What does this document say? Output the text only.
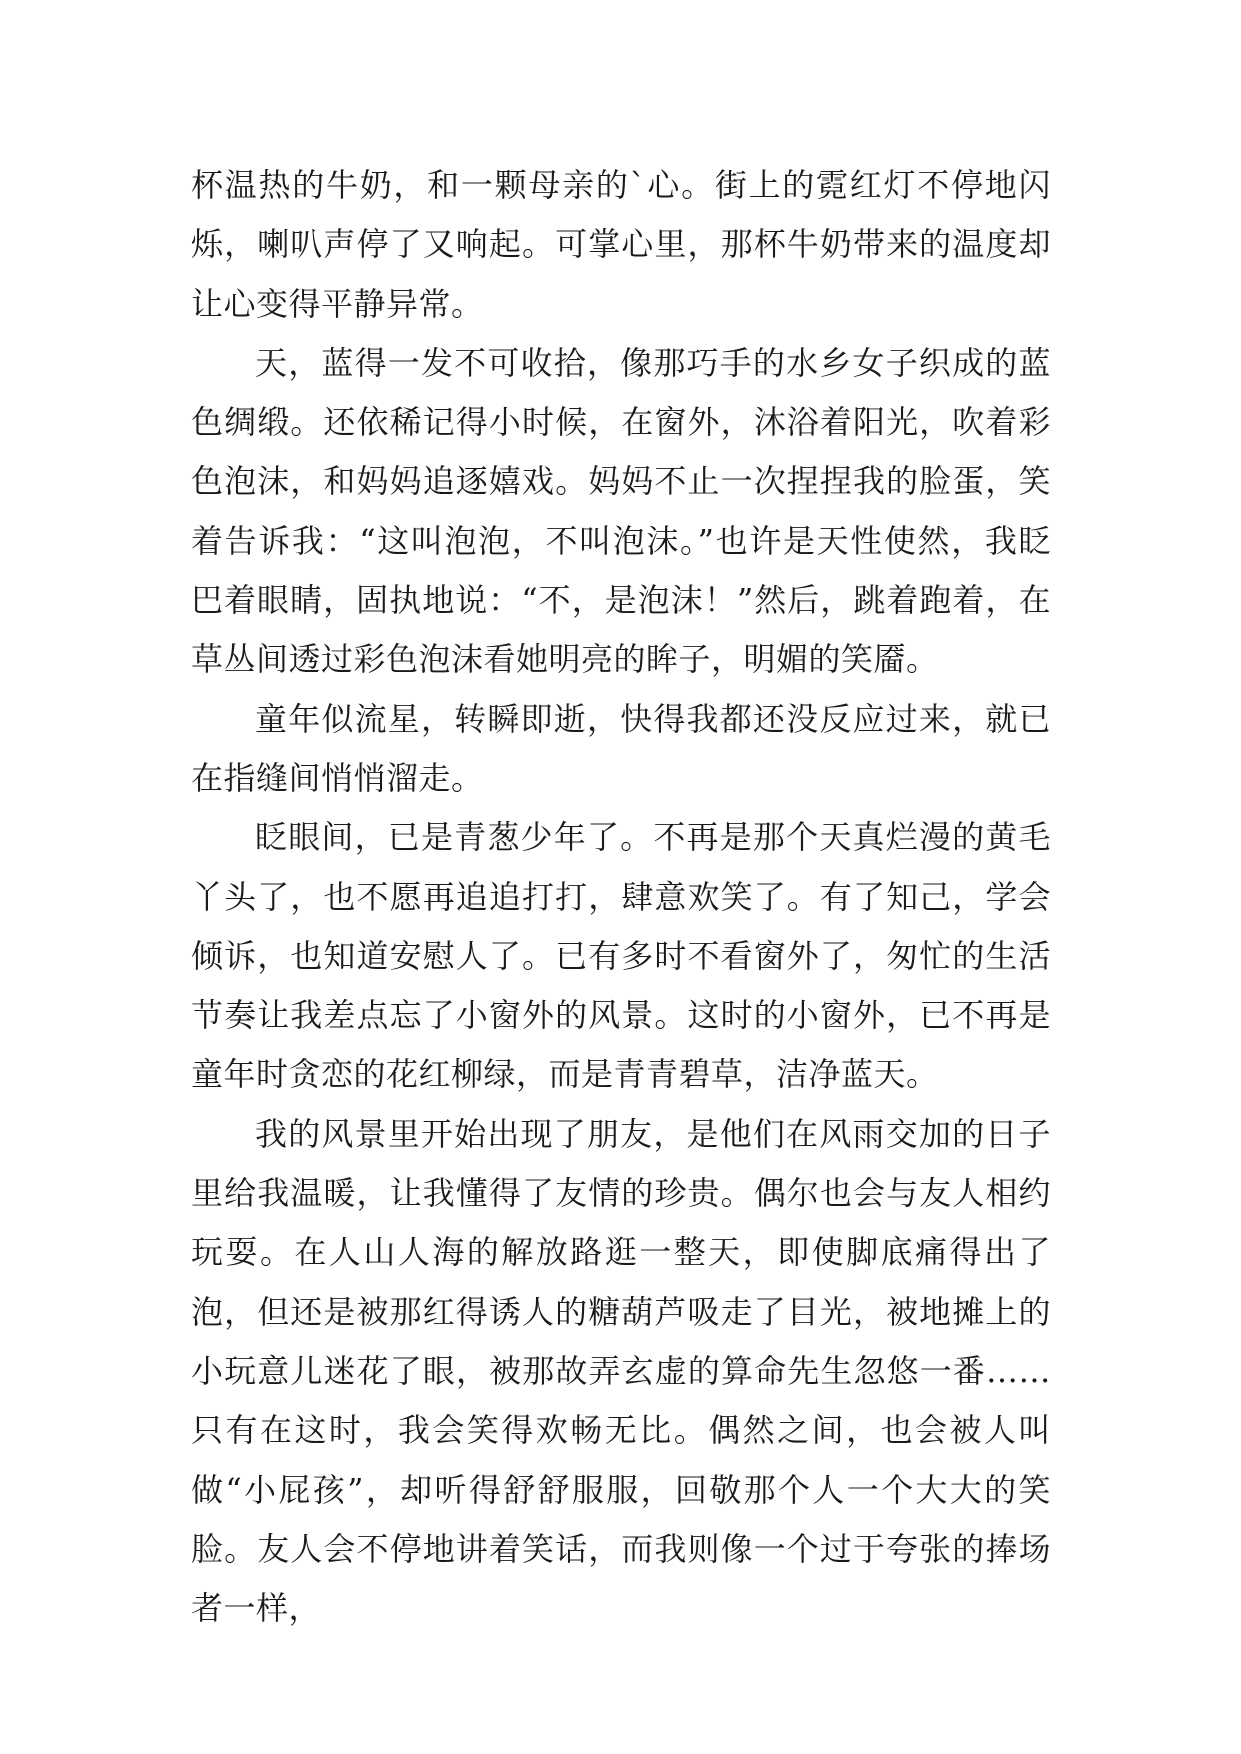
杯温热的牛奶，和一颗母亲的`心。街上的霓红灯不停地闪烁，喇叭声停了又响起。可掌心里，那杯牛奶带来的温度却让心变得平静异常。

天，蓝得一发不可收拾，像那巧手的水乡女子织成的蓝色绸缎。还依稀记得小时候，在窗外，沐浴着阳光，吹着彩色泡沫，和妈妈追逐嬉戏。妈妈不止一次捏捏我的脸蛋，笑着告诉我：“这叫泡泡，不叫泡沫。”也许是天性使然，我眨巴着眼睛，固执地说：“不，是泡沫！”然后，跳着跑着，在草丛间透过彩色泡沫看她明亮的眸子，明媚的笑靥。

童年似流星，转瞬即逝，快得我都还没反应过来，就已在指缝间悄悄溜走。

眨眼间，已是青葱少年了。不再是那个天真烂漫的黄毛丫头了，也不愿再追追打打，肆意欢笑了。有了知己，学会倾诉，也知道安慰人了。已有多时不看窗外了，匆忙的生活节奏让我差点忘了小窗外的风景。这时的小窗外，已不再是童年时贪恋的花红柳绿，而是青青碧草，洁净蓝天。

我的风景里开始出现了朋友，是他们在风雨交加的日子里给我温暖，让我懂得了友情的珍贵。偶尔也会与友人相约玩耍。在人山人海的解放路逛一整天，即使脚底痛得出了泡，但还是被那红得诱人的糖葫芦吸走了目光，被地摊上的小玩意儿迷花了眼，被那故弄玄虚的算命先生忽悠一番……只有在这时，我会笑得欢畅无比。偶然之间，也会被人叫做“小屁孩”，却听得舒舒服服，回敬那个人一个大大的笑脸。友人会不停地讲着笑话，而我则像一个过于夸张的捧场者一样，
